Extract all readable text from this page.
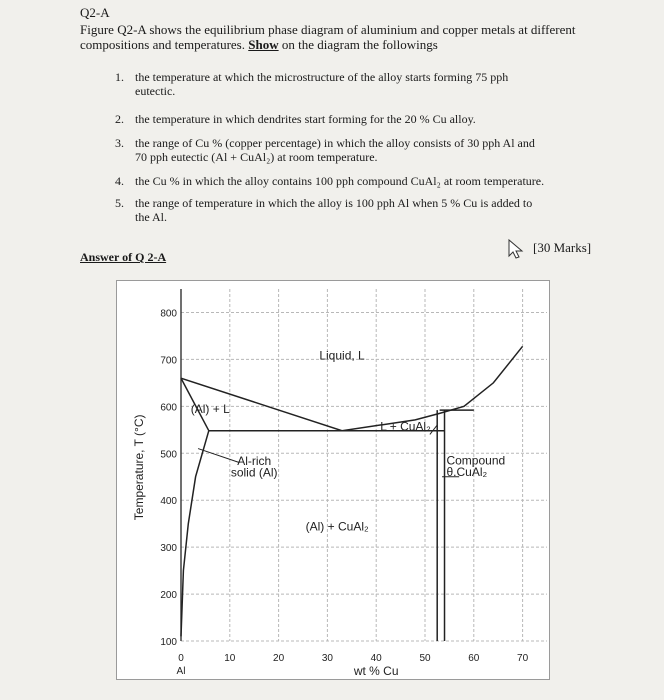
Q2-A
Figure Q2-A shows the equilibrium phase diagram of aluminium and copper metals at different
compositions and temperatures. Show on the diagram the followings
1. the temperature at which the microstructure of the alloy starts forming 75 pph
eutectic.
2. the temperature in which dendrites start forming for the 20 % Cu alloy.
3. the range of Cu % (copper percentage) in which the alloy consists of 30 pph Al and
70 pph eutectic (Al + CuAl₂) at room temperature.
4. the Cu % in which the alloy contains 100 pph compound CuAl₂ at room temperature.
5. the range of temperature in which the alloy is 100 pph Al when 5 % Cu is added to
the Al.
[30 Marks]
Answer of Q 2-A
100
200
300
400
500
600
700
800
0	10	20	30	40	50	60	70
Al	wt % Cu
Temperature, T (°C)
Liquid, L
(Al) + L
L + CuAl₂
Al-rich
solid (Al)
Compound
θ.CuAl₂
(Al) + CuAl₂
